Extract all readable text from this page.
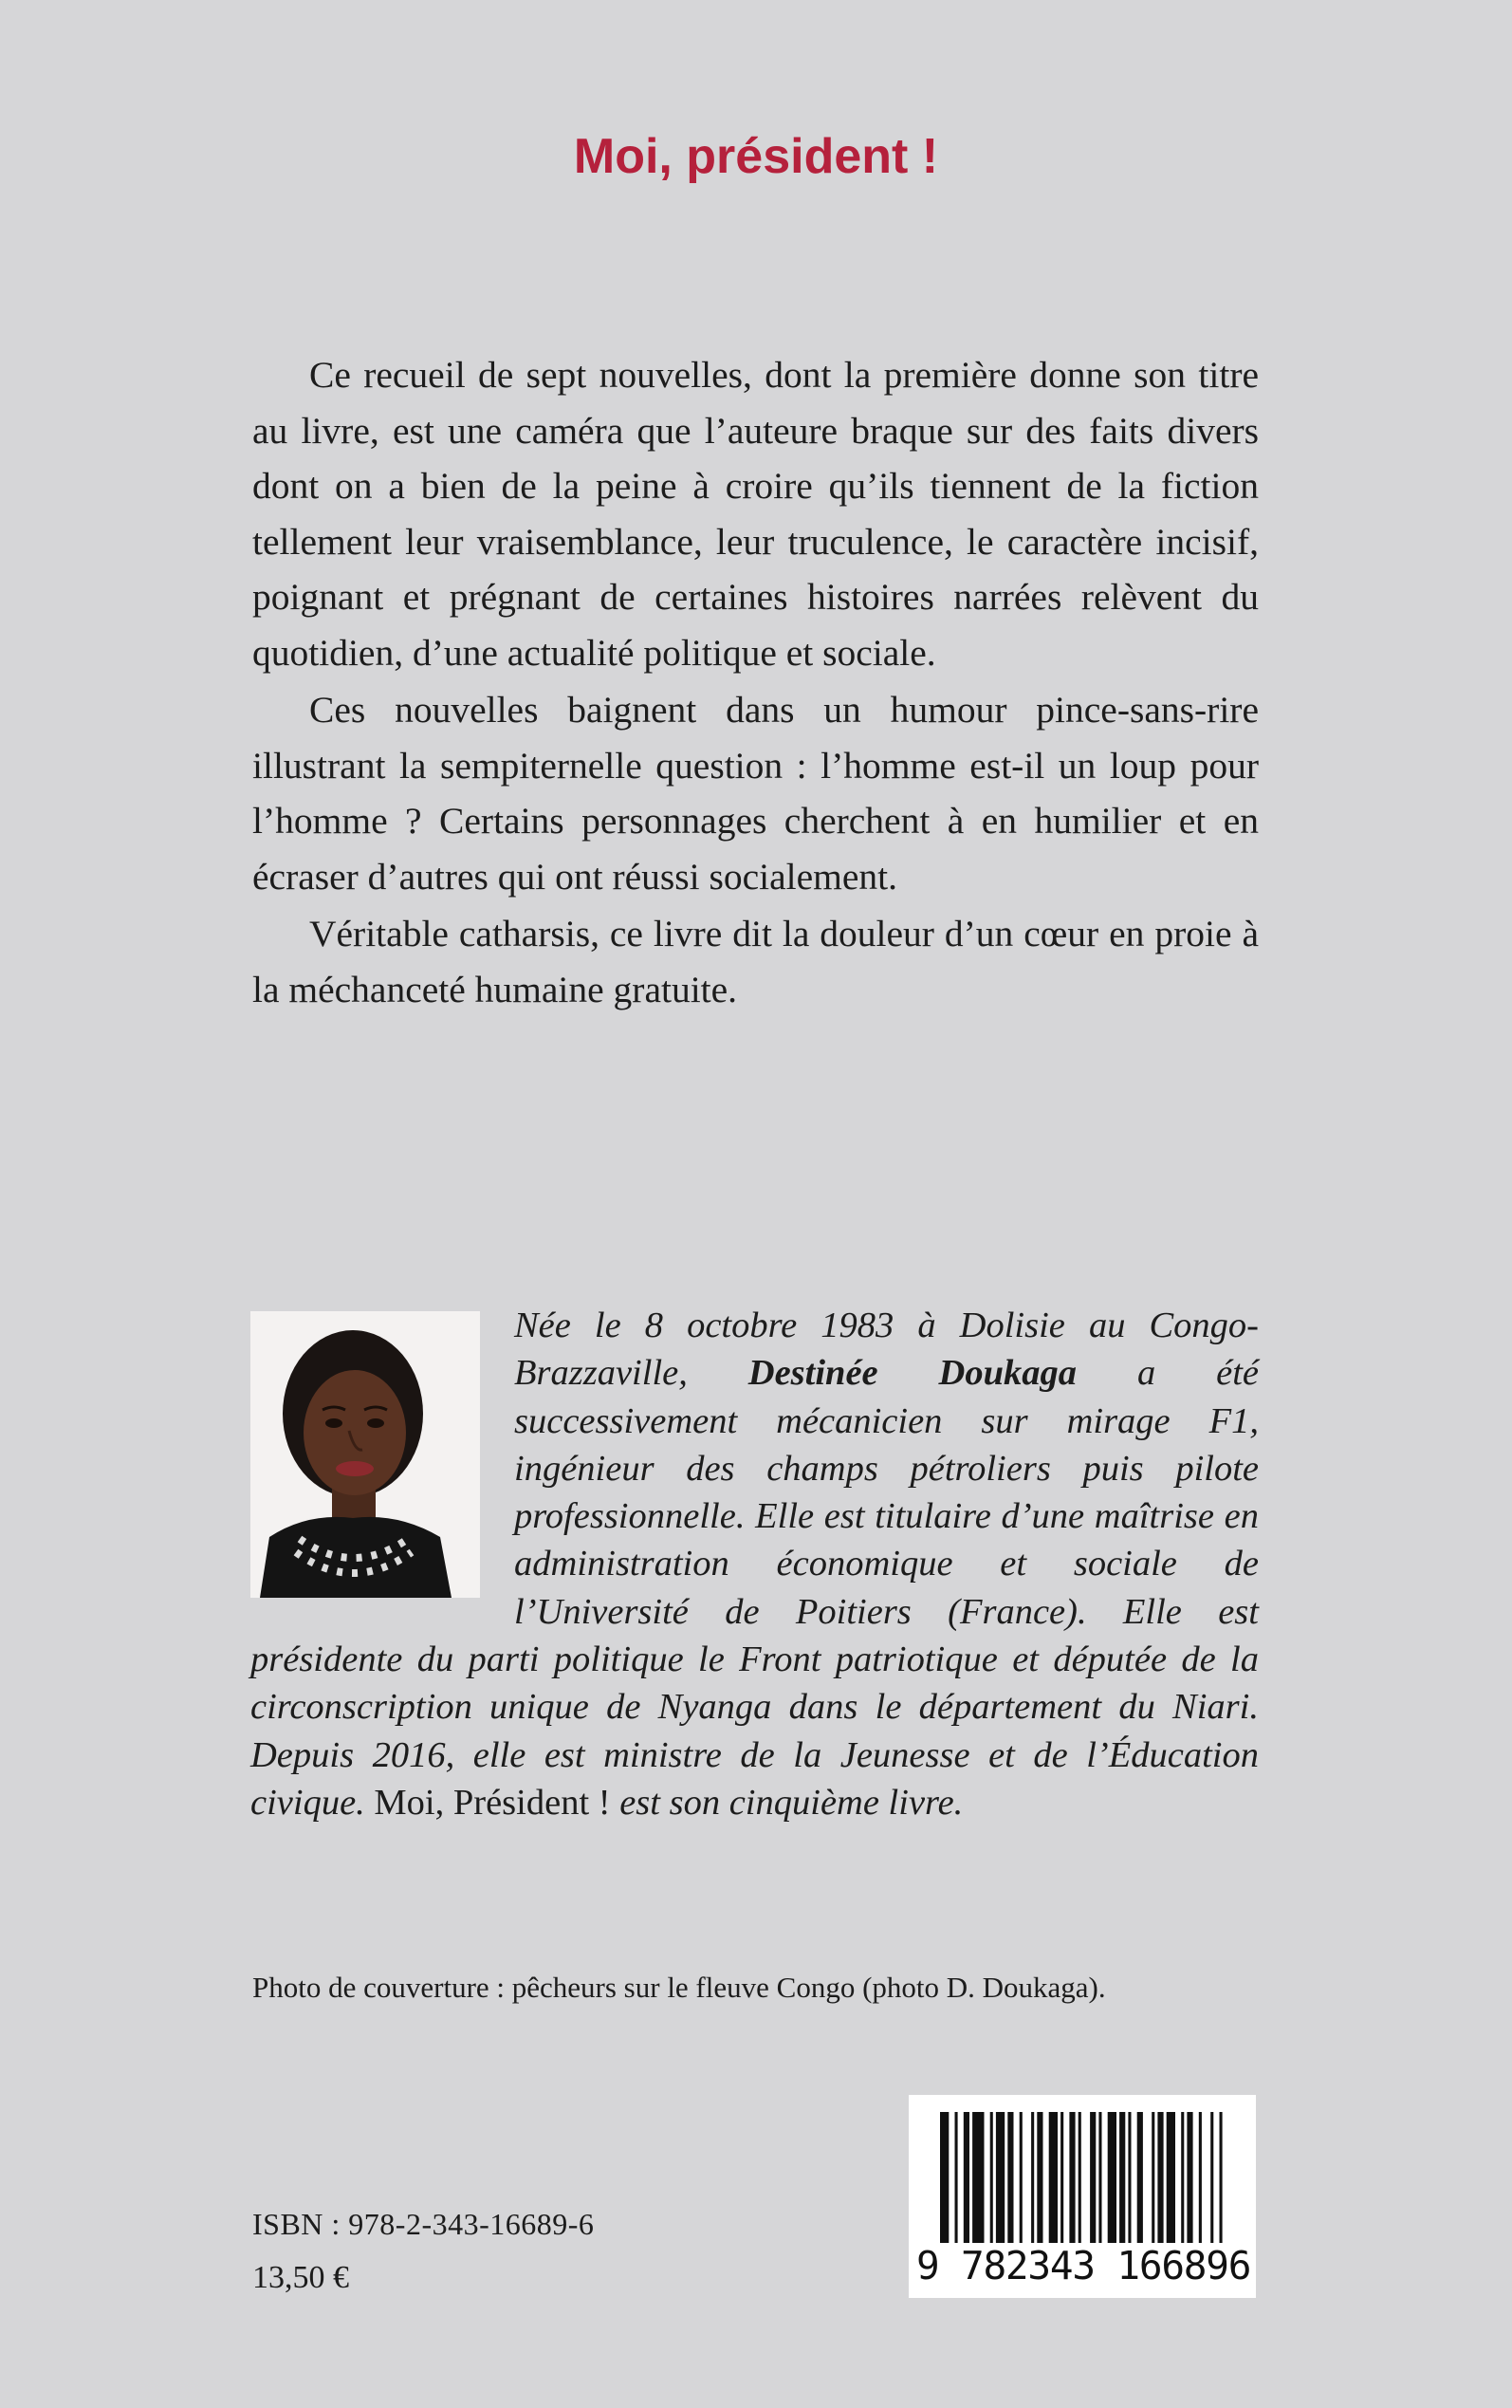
Moi, président !

Ce recueil de sept nouvelles, dont la première donne son titre au livre, est une caméra que l’auteure braque sur des faits divers dont on a bien de la peine à croire qu’ils tiennent de la fiction tellement leur vraisemblance, leur truculence, le caractère incisif, poignant et prégnant de certaines histoires narrées relèvent du quotidien, d’une actualité politique et sociale.

Ces nouvelles baignent dans un humour pince-sans-rire illustrant la sempiternelle question : l’homme est-il un loup pour l’homme ? Certains personnages cherchent à en humilier et en écraser d’autres qui ont réussi socialement.

Véritable catharsis, ce livre dit la douleur d’un cœur en proie à la méchanceté humaine gratuite.

Née le 8 octobre 1983 à Dolisie au Congo-Brazzaville, Destinée Doukaga a été successivement mécanicien sur mirage F1, ingénieur des champs pétroliers puis pilote professionnelle. Elle est titulaire d’une maîtrise en administration économique et sociale de l’Université de Poitiers (France). Elle est présidente du parti politique le Front patriotique et députée de la circonscription unique de Nyanga dans le département du Niari. Depuis 2016, elle est ministre de la Jeunesse et de l’Éducation civique. Moi, Président ! est son cinquième livre.

Photo de couverture : pêcheurs sur le fleuve Congo (photo D. Doukaga).

9 782343 166896

ISBN : 978-2-343-16689-6

13,50 €
